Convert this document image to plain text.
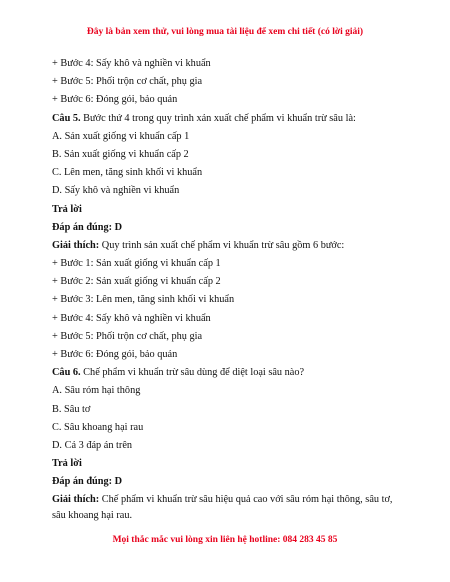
Đây là bản xem thử, vui lòng mua tài liệu để xem chi tiết (có lời giải)
+ Bước 4: Sấy khô và nghiền vi khuẩn
+ Bước 5: Phối trộn cơ chất, phụ gia
+ Bước 6: Đóng gói, bảo quản
Câu 5. Bước thứ 4 trong quy trình xản xuất chế phẩm vi khuẩn trừ sâu là:
A. Sản xuất giống vi khuẩn cấp 1
B. Sản xuất giống vi khuẩn cấp 2
C. Lên men, tăng sinh khối vi khuẩn
D. Sấy khô và nghiền vi khuẩn
Trả lời
Đáp án đúng: D
Giải thích: Quy trình sản xuất chế phẩm vi khuẩn trừ sâu gồm 6 bước:
+ Bước 1: Sản xuất giống vi khuẩn cấp 1
+ Bước 2: Sản xuất giống vi khuẩn cấp 2
+ Bước 3: Lên men, tăng sinh khối vi khuẩn
+ Bước 4: Sấy khô và nghiền vi khuẩn
+ Bước 5: Phối trộn cơ chất, phụ gia
+ Bước 6: Đóng gói, bảo quản
Câu 6. Chế phẩm vi khuẩn trừ sâu dùng để diệt loại sâu nào?
A. Sâu róm hại thông
B. Sâu tơ
C. Sâu khoang hại rau
D. Cả 3 đáp án trên
Trả lời
Đáp án đúng: D
Giải thích: Chế phẩm vi khuẩn trừ sâu hiệu quả cao với sâu róm hại thông, sâu tơ, sâu khoang hại rau.
Mọi thắc mắc vui lòng xin liên hệ hotline: 084 283 45 85
